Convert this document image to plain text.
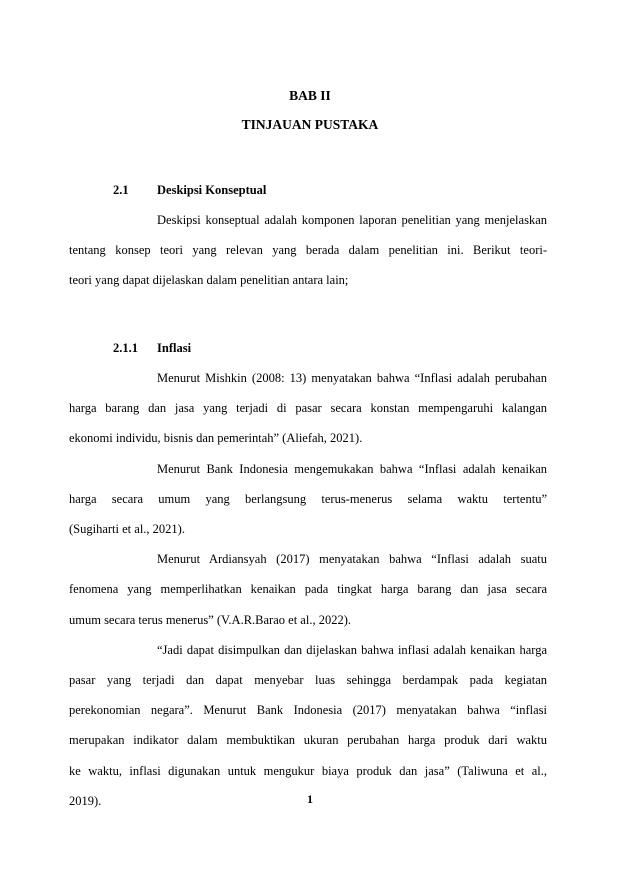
BAB II
TINJAUAN PUSTAKA
2.1 Deskipsi Konseptual

Deskipsi konseptual adalah komponen laporan penelitian yang menjelaskan
tentang konsep teori yang relevan yang berada dalam penelitian ini. Berikut teori-
teori yang dapat dijelaskan dalam penelitian antara lain;

2.1.1 Inflasi

Menurut Mishkin (2008: 13) menyatakan bahwa “Inflasi adalah perubahan
harga barang dan jasa yang terjadi di pasar secara konstan mempengaruhi kalangan
ekonomi individu, bisnis dan pemerintah” (Aliefah, 2021).

Menurut Bank Indonesia mengemukakan bahwa “Inflasi adalah kenaikan
harga secara umum yang berlangsung terus-menerus selama waktu tertentu”
(Sugiharti et al., 2021).

Menurut Ardiansyah (2017) menyatakan bahwa “Inflasi adalah suatu
fenomena yang memperlihatkan kenaikan pada tingkat harga barang dan jasa secara
umum secara terus menerus” (V.A.R.Barao et al., 2022).

“Jadi dapat disimpulkan dan dijelaskan bahwa inflasi adalah kenaikan harga
pasar yang terjadi dan dapat menyebar luas sehingga berdampak pada kegiatan
perekonomian negara”. Menurut Bank Indonesia (2017) menyatakan bahwa “inflasi
merupakan indikator dalam membuktikan ukuran perubahan harga produk dari waktu
ke waktu, inflasi digunakan untuk mengukur biaya produk dan jasa” (Taliwuna et al.,
2019).	1
